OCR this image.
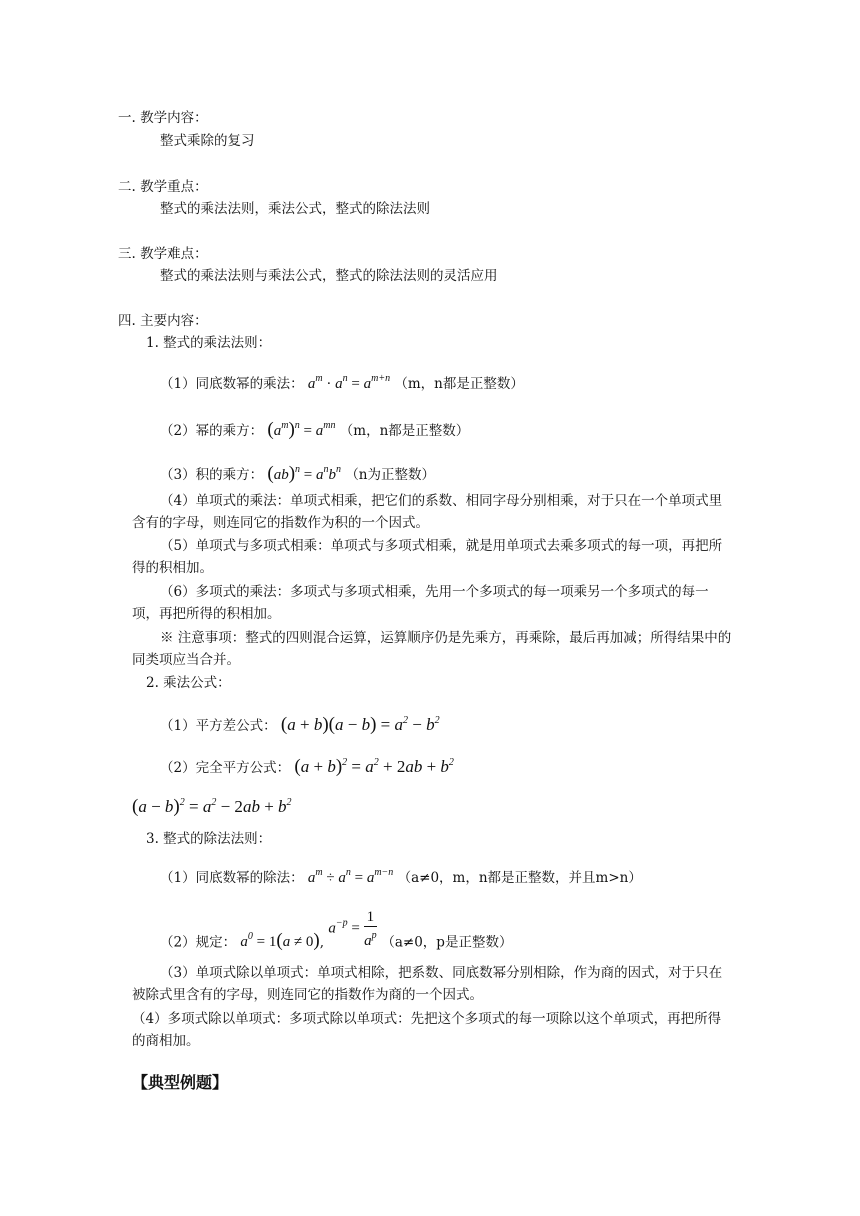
一. 教学内容：
整式乘除的复习
二. 教学重点：
整式的乘法法则，乘法公式，整式的除法法则
三. 教学难点：
整式的乘法法则与乘法公式，整式的除法法则的灵活应用
四. 主要内容：
1. 整式的乘法法则：
（1）同底数幂的乘法： $a^m \cdot a^n = a^{m+n}$ （m，n都是正整数）
（2）幂的乘方： $(a^m)^n = a^{mn}$ （m，n都是正整数）
（3）积的乘方： $(ab)^n = a^nb^n$ （n为正整数）
（4）单项式的乘法：单项式相乘，把它们的系数、相同字母分别相乘，对于只在一个单项式里含有的字母，则连同它的指数作为积的一个因式。
（5）单项式与多项式相乘：单项式与多项式相乘，就是用单项式去乘多项式的每一项，再把所得的积相加。
（6）多项式的乘法：多项式与多项式相乘，先用一个多项式的每一项乘另一个多项式的每一项，再把所得的积相加。
※ 注意事项：整式的四则混合运算，运算顺序仍是先乘方，再乘除，最后再加减；所得结果中的同类项应当合并。
2. 乘法公式：
（1）平方差公式： $(a + b)(a - b) = a^2 - b^2$
（2）完全平方公式： $(a + b)^2 = a^2 + 2ab + b^2$
$(a - b)^2 = a^2 - 2ab + b^2$
3. 整式的除法法则：
（1）同底数幂的除法： $a^m \div a^n = a^{m-n}$ （a≠0，m，n都是正整数，并且m>n）
（2）规定： $a^0 = 1(a \ne 0)$, $a^{-p} = \frac{1}{a^p} (a\ne 0$，p是正整数）
（3）单项式除以单项式：单项式相除，把系数、同底数幂分别相除，作为商的因式，对于只在被除式里含有的字母，则连同它的指数作为商的一个因式。
（4）多项式除以单项式：多项式除以单项式：先把这个多项式的每一项除以这个单项式，再把所得的商相加。
【典型例题】
